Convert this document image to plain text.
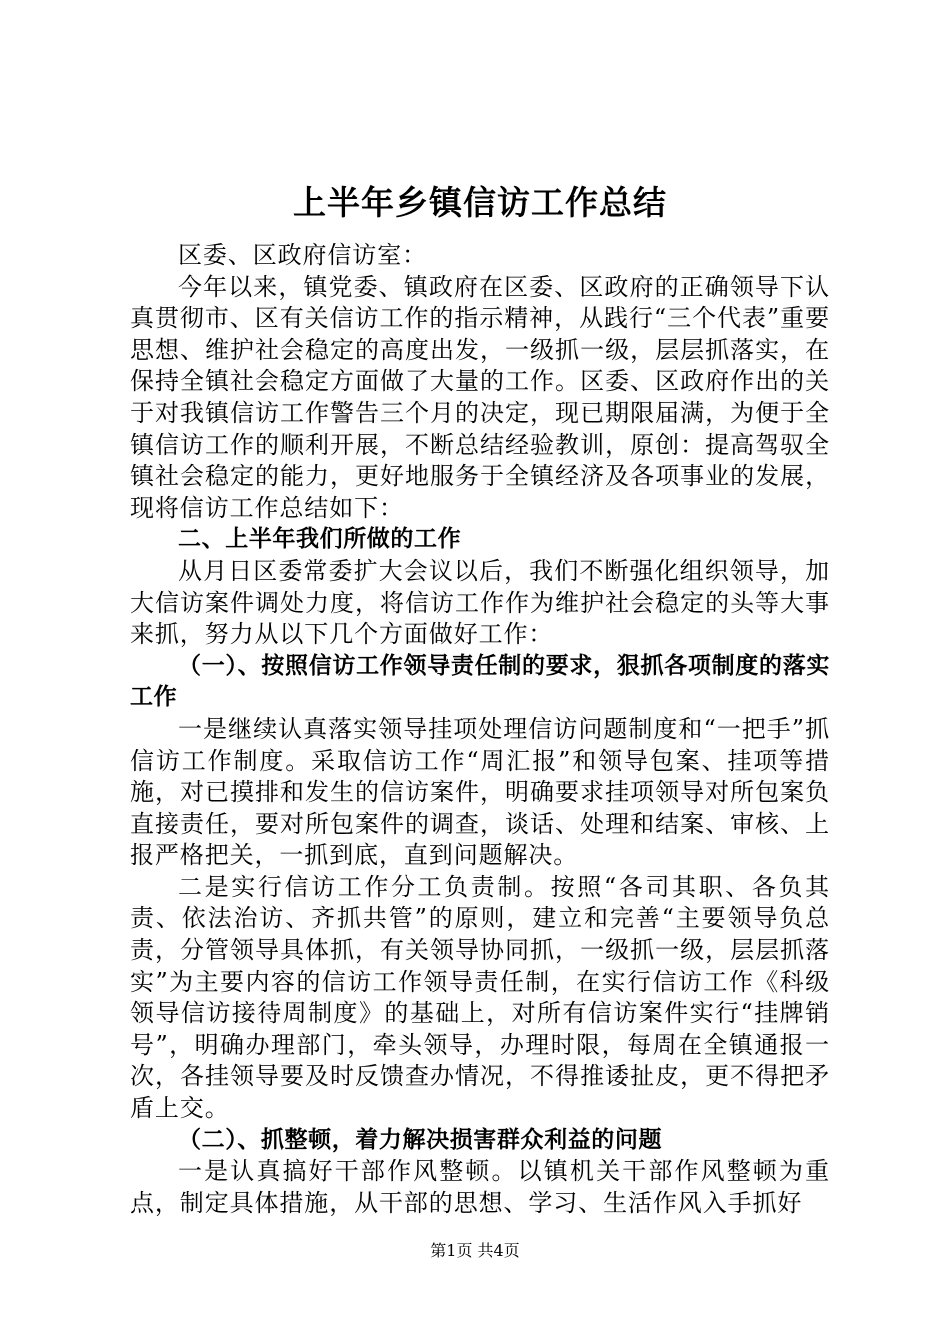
上半年乡镇信访工作总结

区委、区政府信访室：

今年以来，镇党委、镇政府在区委、区政府的正确领导下认真贯彻市、区有关信访工作的指示精神，从践行“三个代表”重要思想、维护社会稳定的高度出发，一级抓一级，层层抓落实，在保持全镇社会稳定方面做了大量的工作。区委、区政府作出的关于对我镇信访工作警告三个月的决定，现已期限届满，为便于全镇信访工作的顺利开展，不断总结经验教训，原创：提高驾驭全镇社会稳定的能力，更好地服务于全镇经济及各项事业的发展，现将信访工作总结如下：

二、上半年我们所做的工作

从月日区委常委扩大会议以后，我们不断强化组织领导，加大信访案件调处力度，将信访工作作为维护社会稳定的头等大事来抓，努力从以下几个方面做好工作：

（一）、按照信访工作领导责任制的要求，狠抓各项制度的落实工作

一是继续认真落实领导挂项处理信访问题制度和“一把手”抓信访工作制度。采取信访工作“周汇报”和领导包案、挂项等措施，对已摸排和发生的信访案件，明确要求挂项领导对所包案负直接责任，要对所包案件的调查，谈话、处理和结案、审核、上报严格把关，一抓到底，直到问题解决。

二是实行信访工作分工负责制。按照“各司其职、各负其责、依法治访、齐抓共管”的原则，建立和完善“主要领导负总责，分管领导具体抓，有关领导协同抓，一级抓一级，层层抓落实”为主要内容的信访工作领导责任制，在实行信访工作《科级领导信访接待周制度》的基础上，对所有信访案件实行“挂牌销号”，明确办理部门，牵头领导，办理时限，每周在全镇通报一次，各挂领导要及时反馈查办情况，不得推诿扯皮，更不得把矛盾上交。

（二）、抓整顿，着力解决损害群众利益的问题

一是认真搞好干部作风整顿。以镇机关干部作风整顿为重点，制定具体措施，从干部的思想、学习、生活作风入手抓好

第1页 共4页
